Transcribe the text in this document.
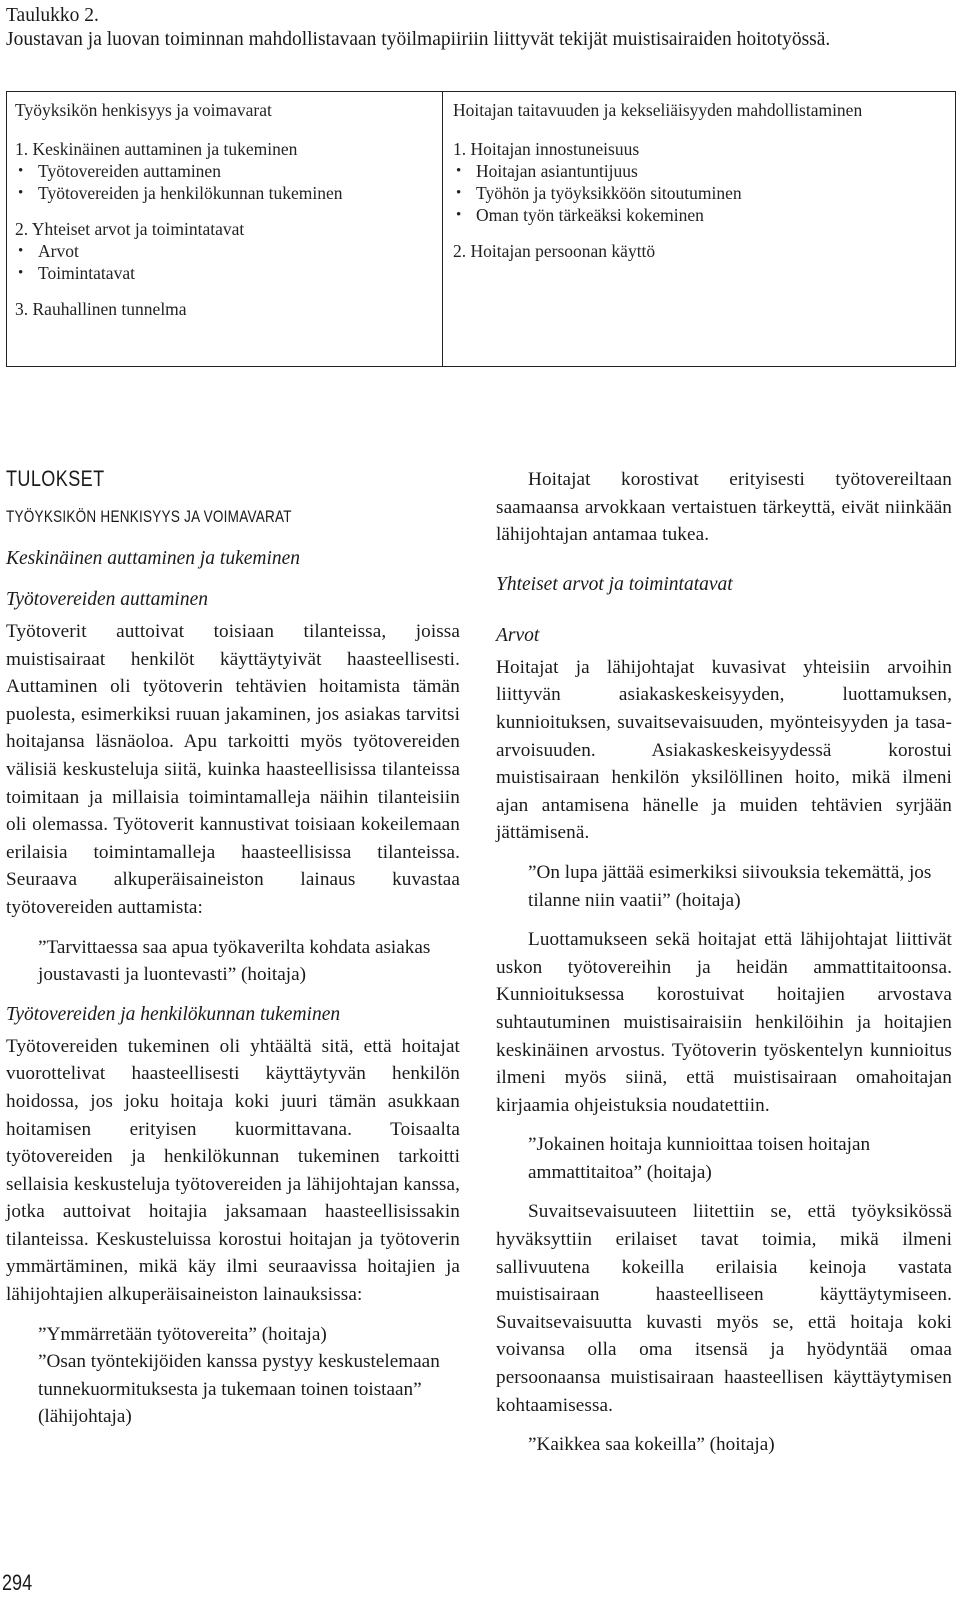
Taulukko 2.
Joustavan ja luovan toiminnan mahdollistavaan työilmapiiriin liittyvät tekijät muistisairaiden hoitotyössä.
Työyksikön henkisyys ja voimavarat
1. Keskinäinen auttaminen ja tukeminen
• Työtovereiden auttaminen
• Työtovereiden ja henkilökunnan tukeminen
2. Yhteiset arvot ja toimintatavat
• Arvot
• Toimintatavat
3. Rauhallinen tunnelma
Hoitajan taitavuuden ja kekseliäisyyden mahdollistaminen
1. Hoitajan innostuneisuus
• Hoitajan asiantuntijuus
• Työhön ja työyksikköön sitoutuminen
• Oman työn tärkeäksi kokeminen
2. Hoitajan persoonan käyttö
TULOKSET
TYÖYKSIKÖN HENKISYYS JA VOIMAVARAT
Keskinäinen auttaminen ja tukeminen
Työtovereiden auttaminen

Työtoverit auttoivat toisiaan tilanteissa, joissa muistisairaat henkilöt käyttäytyivät haasteellisesti. Auttaminen oli työtoverin tehtävien hoitamista tämän puolesta, esimerkiksi ruuan jakaminen, jos asiakas tarvitsi hoitajansa läsnäoloa. Apu tarkoitti myös työtovereiden välisiä keskusteluja siitä, kuinka haasteellisissa tilanteissa toimitaan ja millaisia toimintamalleja näihin tilanteisiin oli olemassa. Työtoverit kannustivat toisiaan kokeilemaan erilaisia toimintamalleja haasteellisissa tilanteissa. Seuraava alkuperäisaineiston lainaus kuvastaa työtovereiden auttamista:

”Tarvittaessa saa apua työkaverilta kohdata asiakas joustavasti ja luontevasti” (hoitaja)
Työtovereiden ja henkilökunnan tukeminen

Työtovereiden tukeminen oli yhtäältä sitä, että hoitajat vuorottelivat haasteellisesti käyttäytyvän henkilön hoidossa, jos joku hoitaja koki juuri tämän asukkaan hoitamisen erityisen kuormittavana. Toisaalta työtovereiden ja henkilökunnan tukeminen tarkoitti sellaisia keskusteluja työtovereiden ja lähijohtajan kanssa, jotka auttoivat hoitajia jaksamaan haasteellisissakin tilanteissa. Keskusteluissa korostui hoitajan ja työtoverin ymmärtäminen, mikä käy ilmi seuraavissa hoitajien ja lähijohtajien alkuperäisaineiston lainauksissa:

”Ymmärretään työtovereita” (hoitaja)
”Osan työntekijöiden kanssa pystyy keskustelemaan tunnekuormituksesta ja tukemaan toinen toistaan” (lähijohtaja)

Hoitajat korostivat erityisesti työtovereiltaan saamaansa arvokkaan vertaistuen tärkeyttä, eivät niinkään lähijohtajan antamaa tukea.

Yhteiset arvot ja toimintatavat
Arvot

Hoitajat ja lähijohtajat kuvasivat yhteisiin arvoihin liittyvän asiakaskeskeisyyden, luottamuksen, kunnioituksen, suvaitsevaisuuden, myönteisyyden ja tasa-arvoisuuden. Asiakaskeskeisyydessä korostui muistisairaan henkilön yksilöllinen hoito, mikä ilmeni ajan antamisena hänelle ja muiden tehtävien syrjään jättämisenä.

”On lupa jättää esimerkiksi siivouksia tekemättä, jos tilanne niin vaatii” (hoitaja)

Luottamukseen sekä hoitajat että lähijohtajat liittivät uskon työtovereihin ja heidän ammattitaitoonsa. Kunnioituksessa korostuivat hoitajien arvostava suhtautuminen muistisairaisiin henkilöihin ja hoitajien keskinäinen arvostus. Työtoverin työskentelyn kunnioitus ilmeni myös siinä, että muistisairaan omahoitajan kirjaamia ohjeistuksia noudatettiin.

”Jokainen hoitaja kunnioittaa toisen hoitajan ammattitaitoa” (hoitaja)

Suvaitsevaisuuteen liitettiin se, että työyksikössä hyväksyttiin erilaiset tavat toimia, mikä ilmeni sallivuutena kokeilla erilaisia keinoja vastata muistisairaan haasteelliseen käyttäytymiseen. Suvaitsevaisuutta kuvasti myös se, että hoitaja koki voivansa olla oma itsensä ja hyödyntää omaa persoonaansa muistisairaan haasteellisen käyttäytymisen kohtaamisessa.

”Kaikkea saa kokeilla” (hoitaja)
294
